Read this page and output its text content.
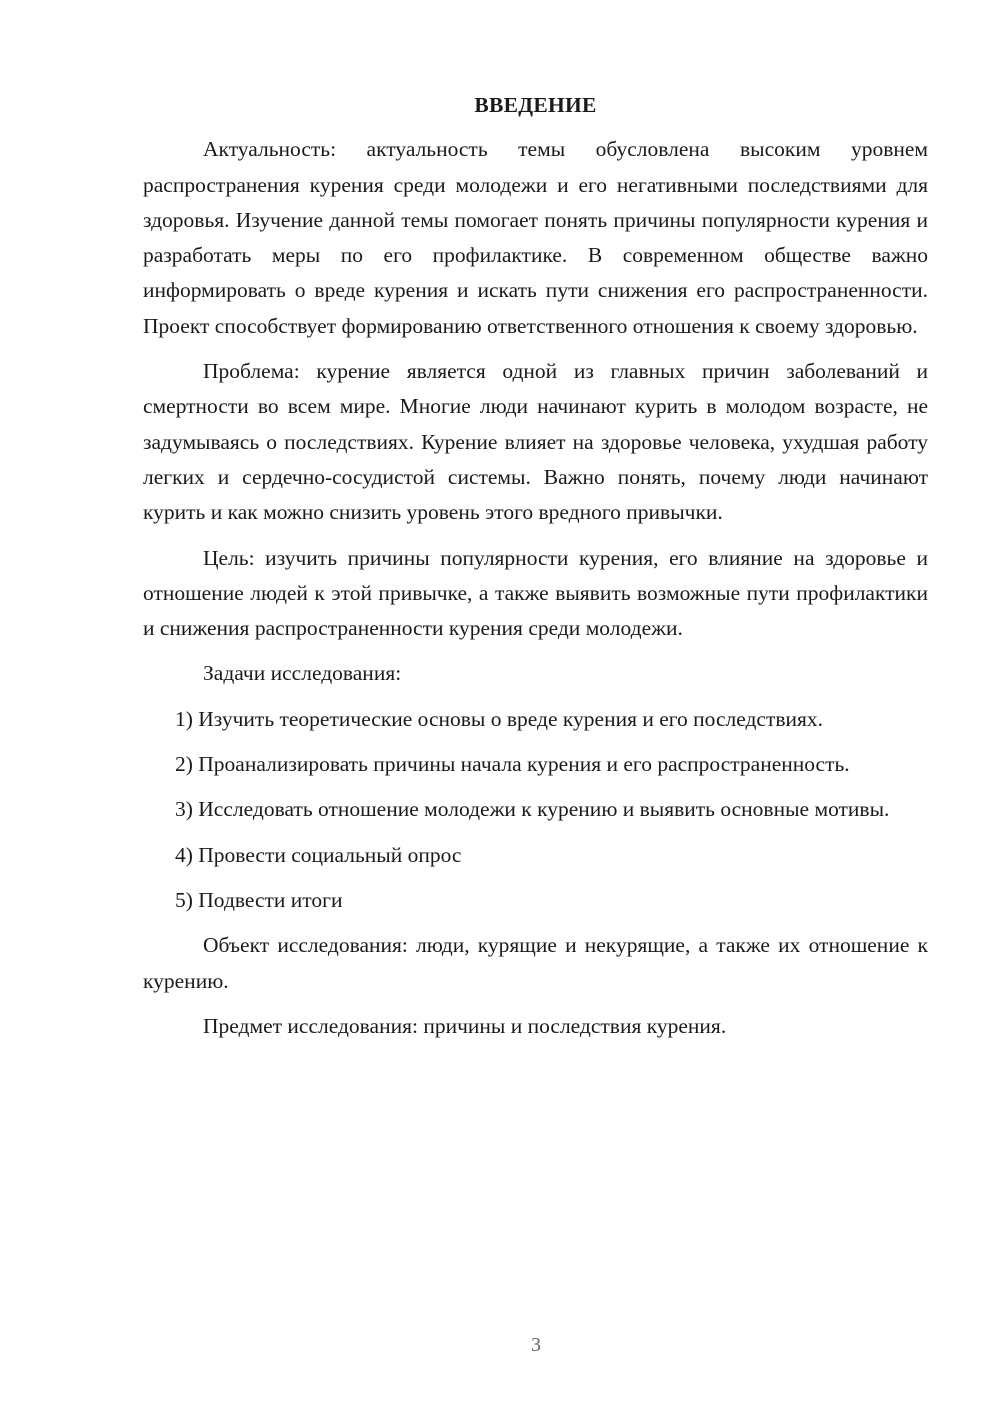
ВВЕДЕНИЕ

Актуальность: актуальность темы обусловлена высоким уровнем распространения курения среди молодежи и его негативными последствиями для здоровья. Изучение данной темы помогает понять причины популярности курения и разработать меры по его профилактике. В современном обществе важно информировать о вреде курения и искать пути снижения его распространенности. Проект способствует формированию ответственного отношения к своему здоровью.

Проблема: курение является одной из главных причин заболеваний и смертности во всем мире. Многие люди начинают курить в молодом возрасте, не задумываясь о последствиях. Курение влияет на здоровье человека, ухудшая работу легких и сердечно-сосудистой системы. Важно понять, почему люди начинают курить и как можно снизить уровень этого вредного привычки.

Цель: изучить причины популярности курения, его влияние на здоровье и отношение людей к этой привычке, а также выявить возможные пути профилактики и снижения распространенности курения среди молодежи.

Задачи исследования:

1) Изучить теоретические основы о вреде курения и его последствиях.

2) Проанализировать причины начала курения и его распространенность.

3) Исследовать отношение молодежи к курению и выявить основные мотивы.

4) Провести социальный опрос

5) Подвести итоги

Объект исследования: люди, курящие и некурящие, а также их отношение к курению.

Предмет исследования: причины и последствия курения.

3
